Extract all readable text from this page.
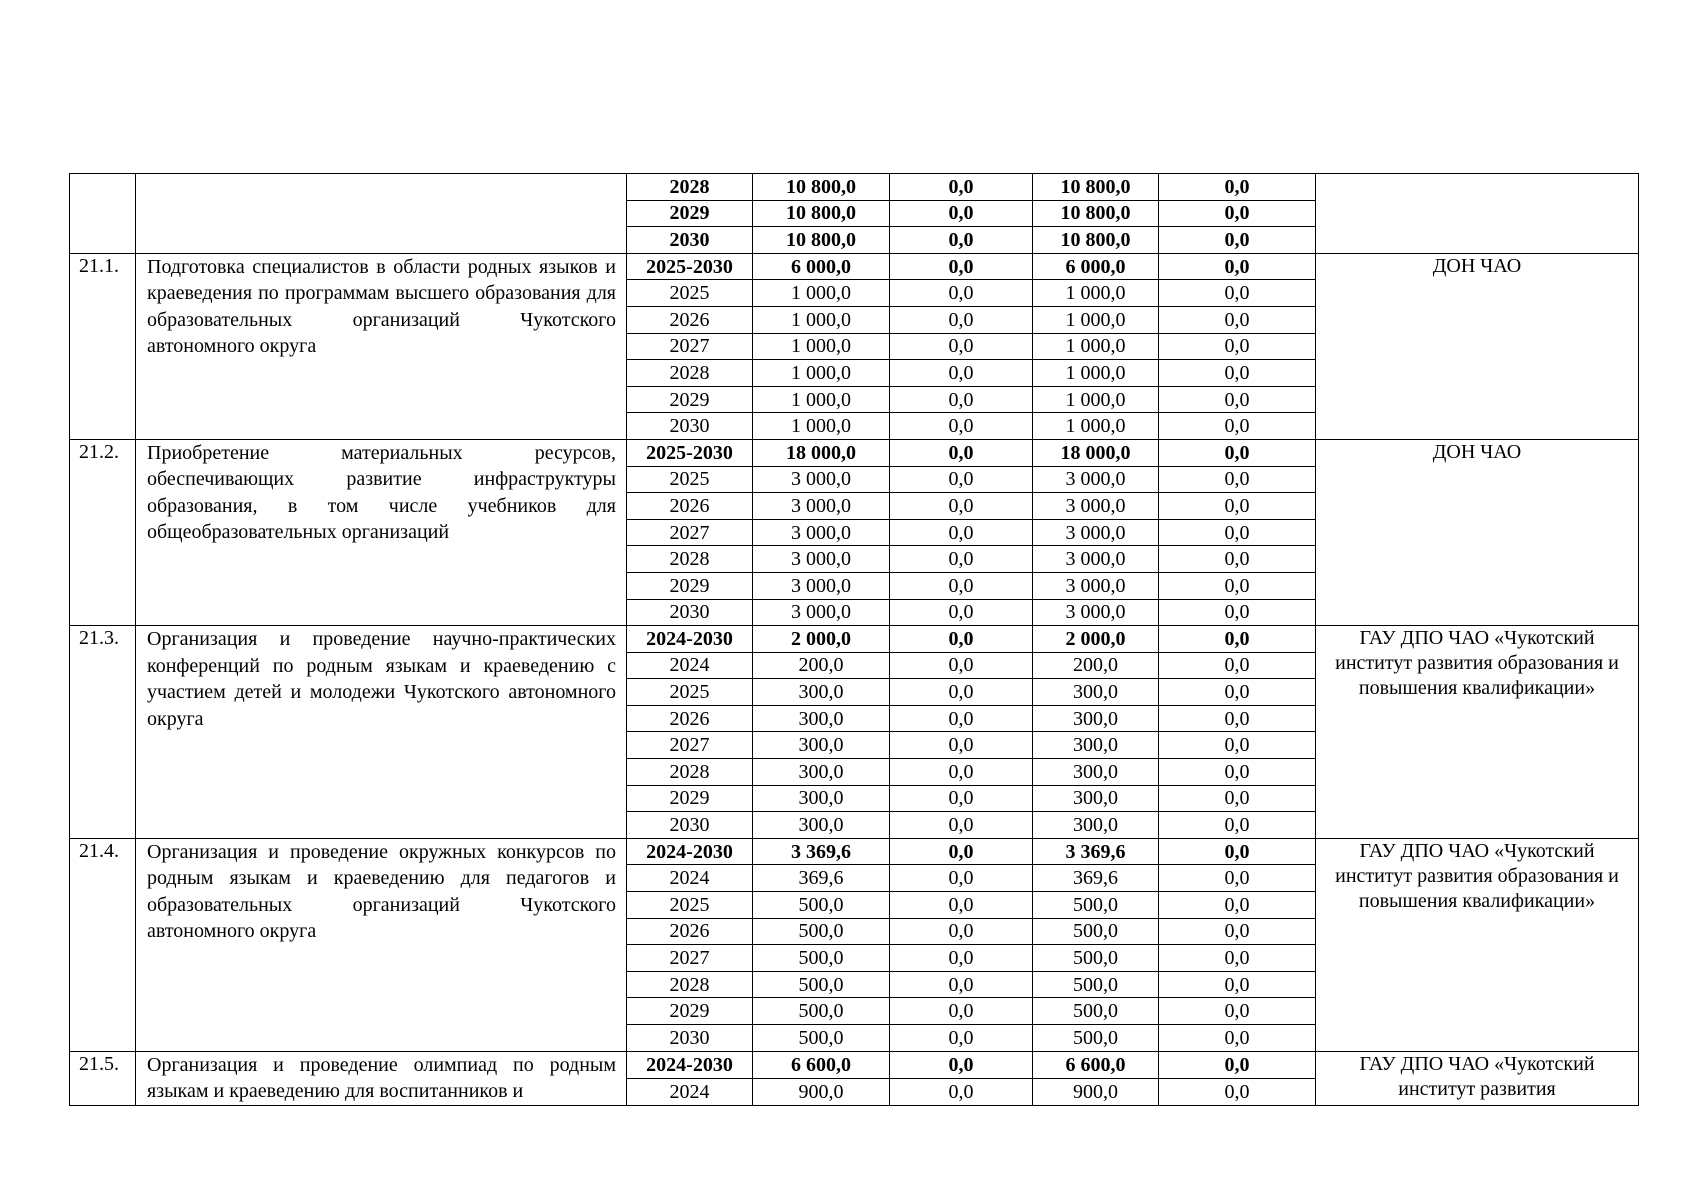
		2028	10 800,0	0,0	10 800,0	0,0	
		2029	10 800,0	0,0	10 800,0	0,0	
		2030	10 800,0	0,0	10 800,0	0,0	
21.1.	Подготовка специалистов в области родных языков и краеведения по программам высшего образования для образовательных организаций Чукотского автономного округа	2025-2030	6 000,0	0,0	6 000,0	0,0	ДОН ЧАО
		2025	1 000,0	0,0	1 000,0	0,0	
		2026	1 000,0	0,0	1 000,0	0,0	
		2027	1 000,0	0,0	1 000,0	0,0	
		2028	1 000,0	0,0	1 000,0	0,0	
		2029	1 000,0	0,0	1 000,0	0,0	
		2030	1 000,0	0,0	1 000,0	0,0	
21.2.	Приобретение материальных ресурсов, обеспечивающих развитие инфраструктуры образования, в том числе учебников для общеобразовательных организаций	2025-2030	18 000,0	0,0	18 000,0	0,0	ДОН ЧАО
		2025	3 000,0	0,0	3 000,0	0,0	
		2026	3 000,0	0,0	3 000,0	0,0	
		2027	3 000,0	0,0	3 000,0	0,0	
		2028	3 000,0	0,0	3 000,0	0,0	
		2029	3 000,0	0,0	3 000,0	0,0	
		2030	3 000,0	0,0	3 000,0	0,0	
21.3.	Организация и проведение научно-практических конференций по родным языкам и краеведению с участием детей и молодежи Чукотского автономного округа	2024-2030	2 000,0	0,0	2 000,0	0,0	ГАУ ДПО ЧАО «Чукотский институт развития образования и повышения квалификации»
		2024	200,0	0,0	200,0	0,0	
		2025	300,0	0,0	300,0	0,0	
		2026	300,0	0,0	300,0	0,0	
		2027	300,0	0,0	300,0	0,0	
		2028	300,0	0,0	300,0	0,0	
		2029	300,0	0,0	300,0	0,0	
		2030	300,0	0,0	300,0	0,0	
21.4.	Организация и проведение окружных конкурсов по родным языкам и краеведению для педагогов и образовательных организаций Чукотского автономного округа	2024-2030	3 369,6	0,0	3 369,6	0,0	ГАУ ДПО ЧАО «Чукотский институт развития образования и повышения квалификации»
		2024	369,6	0,0	369,6	0,0	
		2025	500,0	0,0	500,0	0,0	
		2026	500,0	0,0	500,0	0,0	
		2027	500,0	0,0	500,0	0,0	
		2028	500,0	0,0	500,0	0,0	
		2029	500,0	0,0	500,0	0,0	
		2030	500,0	0,0	500,0	0,0	
21.5.	Организация и проведение олимпиад по родным языкам и краеведению для воспитанников и	2024-2030	6 600,0	0,0	6 600,0	0,0	ГАУ ДПО ЧАО «Чукотский институт развития
		2024	900,0	0,0	900,0	0,0	
